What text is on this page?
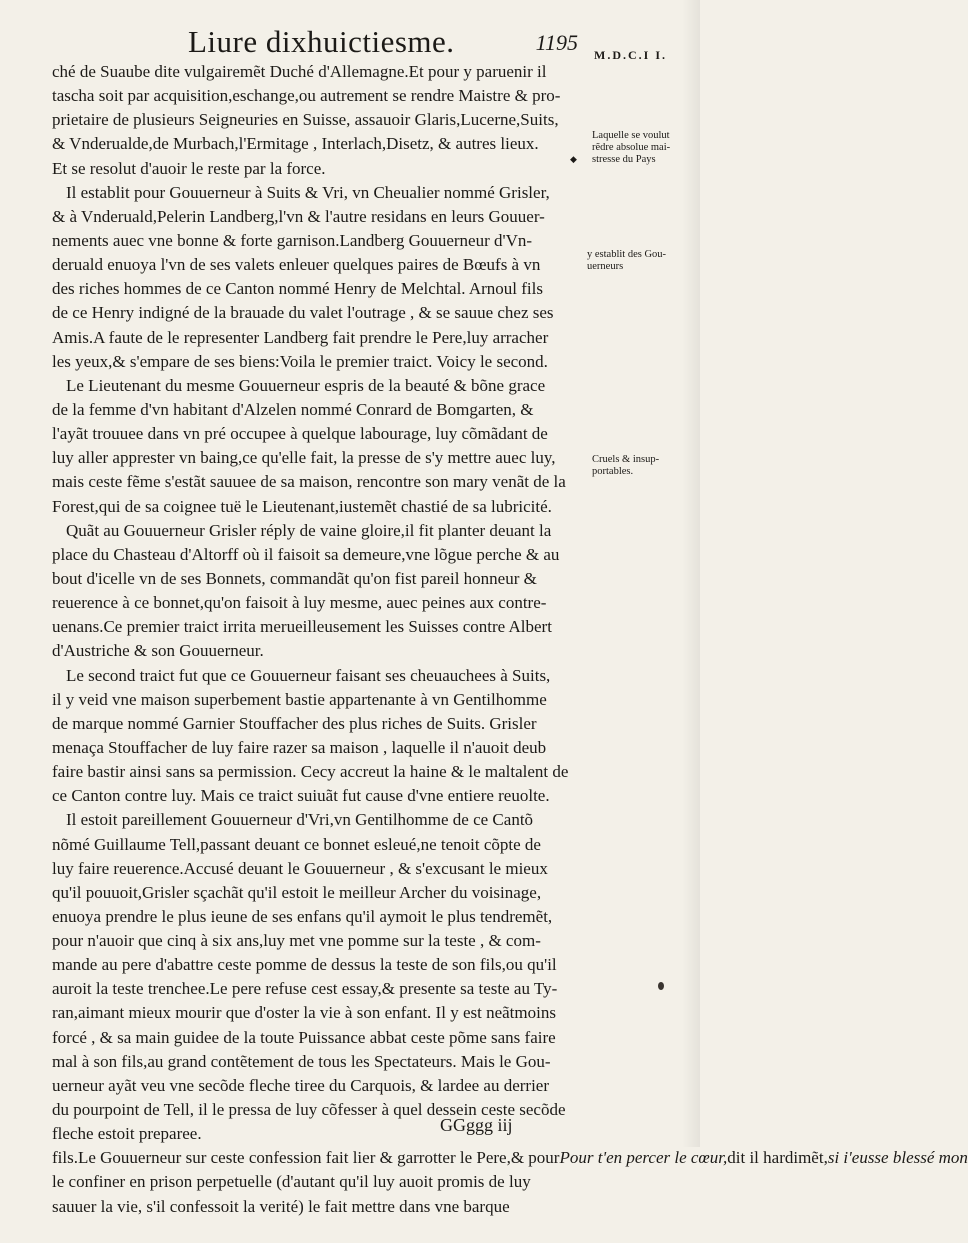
Liure dixhuictiesme.	1195 M.D.C.I I.
ché de Suaube dite vulgairemẽt Duché d'Allemagne.Et pour y paruenir il
tascha soit par acquisition,eschange,ou autrement se rendre Maistre & pro-
prietaire de plusieurs Seigneuries en Suisse, assauoir Glaris,Lucerne,Suits,
& Vnderualde,de Murbach,l'Ermitage , Interlach,Disetz, & autres lieux.
Et se resolut d'auoir le reste par la force.
Il establit pour Gouuerneur à Suits & Vri, vn Cheualier nommé Grisler,
& à Vnderuald,Pelerin Landberg,l'vn & l'autre residans en leurs Gouuer-
nements auec vne bonne & forte garnison.Landberg Gouuerneur d'Vn-
deruald enuoya l'vn de ses valets enleuer quelques paires de Bœufs à vn
des riches hommes de ce Canton nommé Henry de Melchtal. Arnoul fils
de ce Henry indigné de la brauade du valet l'outrage , & se sauue chez ses
Amis.A faute de le representer Landberg fait prendre le Pere,luy arracher
les yeux,& s'empare de ses biens:Voila le premier traict. Voicy le second.
Le Lieutenant du mesme Gouuerneur espris de la beauté & bõne grace
de la femme d'vn habitant d'Alzelen nommé Conrard de Bomgarten, &
l'ayãt trouuee dans vn pré occupee à quelque labourage, luy cõmãdant de
luy aller apprester vn baing,ce qu'elle fait, la presse de s'y mettre auec luy,
mais ceste fẽme s'estãt sauuee de sa maison, rencontre son mary venãt de la
Forest,qui de sa coignee tuë le Lieutenant,iustemẽt chastié de sa lubricité.
Quãt au Gouuerneur Grisler réply de vaine gloire,il fit planter deuant la
place du Chasteau d'Altorff où il faisoit sa demeure,vne lõgue perche & au
bout d'icelle vn de ses Bonnets, commandãt qu'on fist pareil honneur &
reuerence à ce bonnet,qu'on faisoit à luy mesme, auec peines aux contre-
uenans.Ce premier traict irrita merueilleusement les Suisses contre Albert
d'Austriche & son Gouuerneur.
Le second traict fut que ce Gouuerneur faisant ses cheuauchees à Suits,
il y veid vne maison superbement bastie appartenante à vn Gentilhomme
de marque nommé Garnier Stouffacher des plus riches de Suits. Grisler
menaça Stouffacher de luy faire razer sa maison , laquelle il n'auoit deub
faire bastir ainsi sans sa permission. Cecy accreut la haine & le maltalent de
ce Canton contre luy. Mais ce traict suiuãt fut cause d'vne entiere reuolte.
Il estoit pareillement Gouuerneur d'Vri,vn Gentilhomme de ce Cantõ
nõmé Guillaume Tell,passant deuant ce bonnet esleué,ne tenoit cõpte de
luy faire reuerence.Accusé deuant le Gouuerneur , & s'excusant le mieux
qu'il pouuoit,Grisler sçachãt qu'il estoit le meilleur Archer du voisinage,
enuoya prendre le plus ieune de ses enfans qu'il aymoit le plus tendremẽt,
pour n'auoir que cinq à six ans,luy met vne pomme sur la teste , & com-
mande au pere d'abattre ceste pomme de dessus la teste de son fils,ou qu'il
auroit la teste trenchee.Le pere refuse cest essay,& presente sa teste au Ty-
ran,aimant mieux mourir que d'oster la vie à son enfant. Il y est neãtmoins
forcé , & sa main guidee de la toute Puissance abbat ceste põme sans faire
mal à son fils,au grand contẽtement de tous les Spectateurs. Mais le Gou-
uerneur ayãt veu vne secõde fleche tiree du Carquois, & lardee au derrier
du pourpoint de Tell, il le pressa de luy cõfesser à quel dessein ceste secõde
fleche estoit preparee.
fils.Le Gouuerneur sur ceste confession fait lier & garrotter le Pere,& pourPour t'en percer le cœur,dit il hardimẽt,si i'eusse blessé mon
le confiner en prison perpetuelle (d'autant qu'il luy auoit promis de luy
sauuer la vie, s'il confessoit la verité) le fait mettre dans vne barque
Laquelle se voulut
rẽdre absolue mai-
stresse du Pays
◆
y establit des Gou-
uerneurs
Cruels & insup-
portables.
GGggg iij
